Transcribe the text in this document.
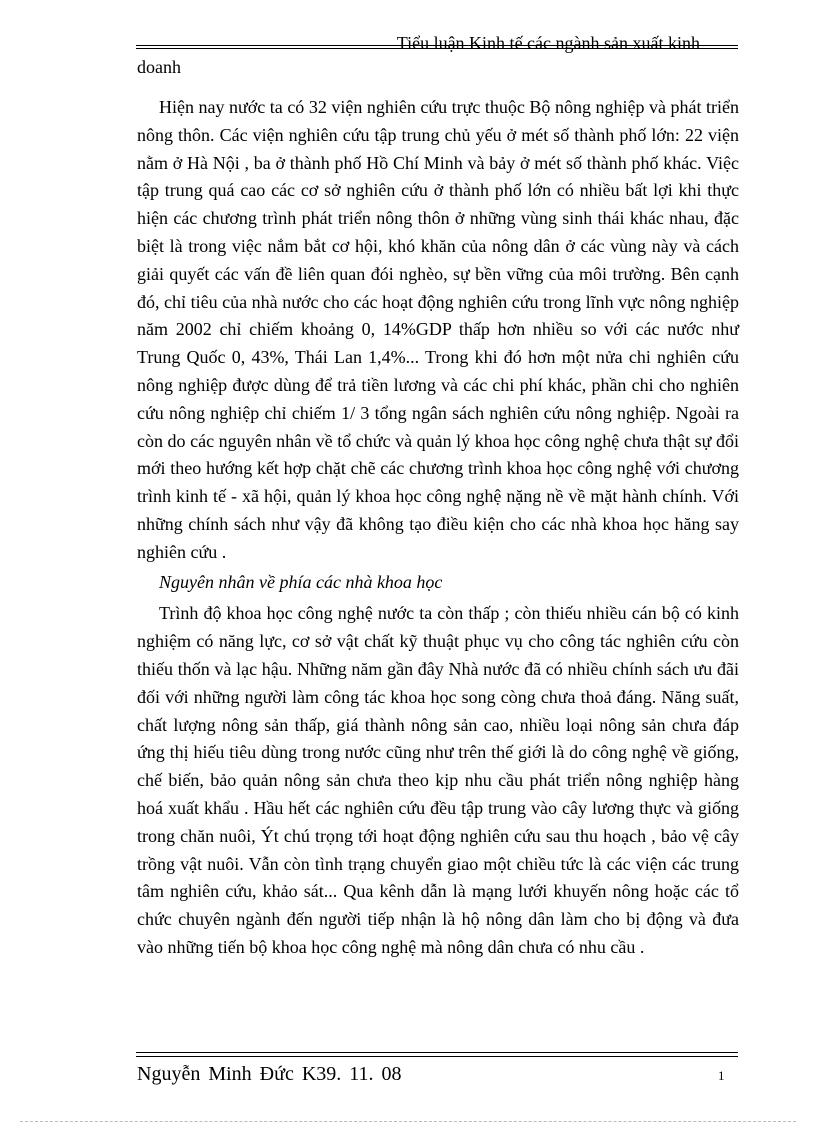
Tiểu luận Kinh tế các ngành sản xuất kinh
doanh

Hiện nay nước ta có 32 viện nghiên cứu trực thuộc Bộ nông nghiệp và phát triển nông thôn. Các viện nghiên cứu tập trung chủ yếu ở mét số thành phố lớn: 22 viện nằm ở Hà Nội , ba ở thành phố Hồ Chí Minh và bảy ở mét số thành phố khác. Việc tập trung quá cao các cơ sở nghiên cứu ở thành phố lớn có nhiều bất lợi khi thực hiện các chương trình phát triển nông thôn ở những vùng sinh thái khác nhau, đặc biệt là trong việc nắm bắt cơ hội, khó khăn của nông dân ở các vùng này và cách giải quyết các vấn đề liên quan đói nghèo, sự bền vững của môi trường. Bên cạnh đó, chỉ tiêu của nhà nước cho các hoạt động nghiên cứu trong lĩnh vực nông nghiệp năm 2002 chỉ chiếm khoảng 0, 14%GDP thấp hơn nhiều so với các nước như Trung Quốc 0, 43%, Thái Lan 1,4%... Trong khi đó hơn một nửa chi nghiên cứu nông nghiệp được dùng để trả tiền lương và các chi phí khác, phần chi cho nghiên cứu nông nghiệp chỉ chiếm 1/ 3 tổng ngân sách nghiên cứu nông nghiệp. Ngoài ra còn do các nguyên nhân về tổ chức và quản lý khoa học công nghệ chưa thật sự đổi mới theo hướng kết hợp chặt chẽ các chương trình khoa học công nghệ với chương trình kinh tế - xã hội, quản lý khoa học công nghệ nặng nề về mặt hành chính. Với những chính sách như vậy đã không tạo điều kiện cho các nhà khoa học hăng say nghiên cứu .

Nguyên nhân về phía các nhà khoa học

Trình độ khoa học công nghệ nước ta còn thấp ; còn thiếu nhiều cán bộ có kinh nghiệm có năng lực, cơ sở vật chất kỹ thuật phục vụ cho công tác nghiên cứu còn thiếu thốn và lạc hậu. Những năm gần đây Nhà nước đã có nhiều chính sách ưu đãi đối với những người làm công tác khoa học song còng chưa thoả đáng. Năng suất, chất lượng nông sản thấp, giá thành nông sản cao, nhiều loại nông sản chưa đáp ứng thị hiếu tiêu dùng trong nước cũng như trên thế giới là do công nghệ về giống, chế biến, bảo quản nông sản chưa theo kịp nhu cầu phát triển nông nghiệp hàng hoá xuất khẩu . Hầu hết các nghiên cứu đều tập trung vào cây lương thực và giống trong chăn nuôi, Ýt chú trọng tới hoạt động nghiên cứu sau thu hoạch , bảo vệ cây trồng vật nuôi. Vẫn còn tình trạng chuyển giao một chiều tức là các viện các trung tâm nghiên cứu, khảo sát... Qua kênh dẫn là mạng lưới khuyến nông hoặc các tổ chức chuyên ngành đến người tiếp nhận là hộ nông dân làm cho bị động và đưa vào những tiến bộ khoa học công nghệ mà nông dân chưa có nhu cầu .

Nguyễn Minh Đức K39. 11. 08	1
